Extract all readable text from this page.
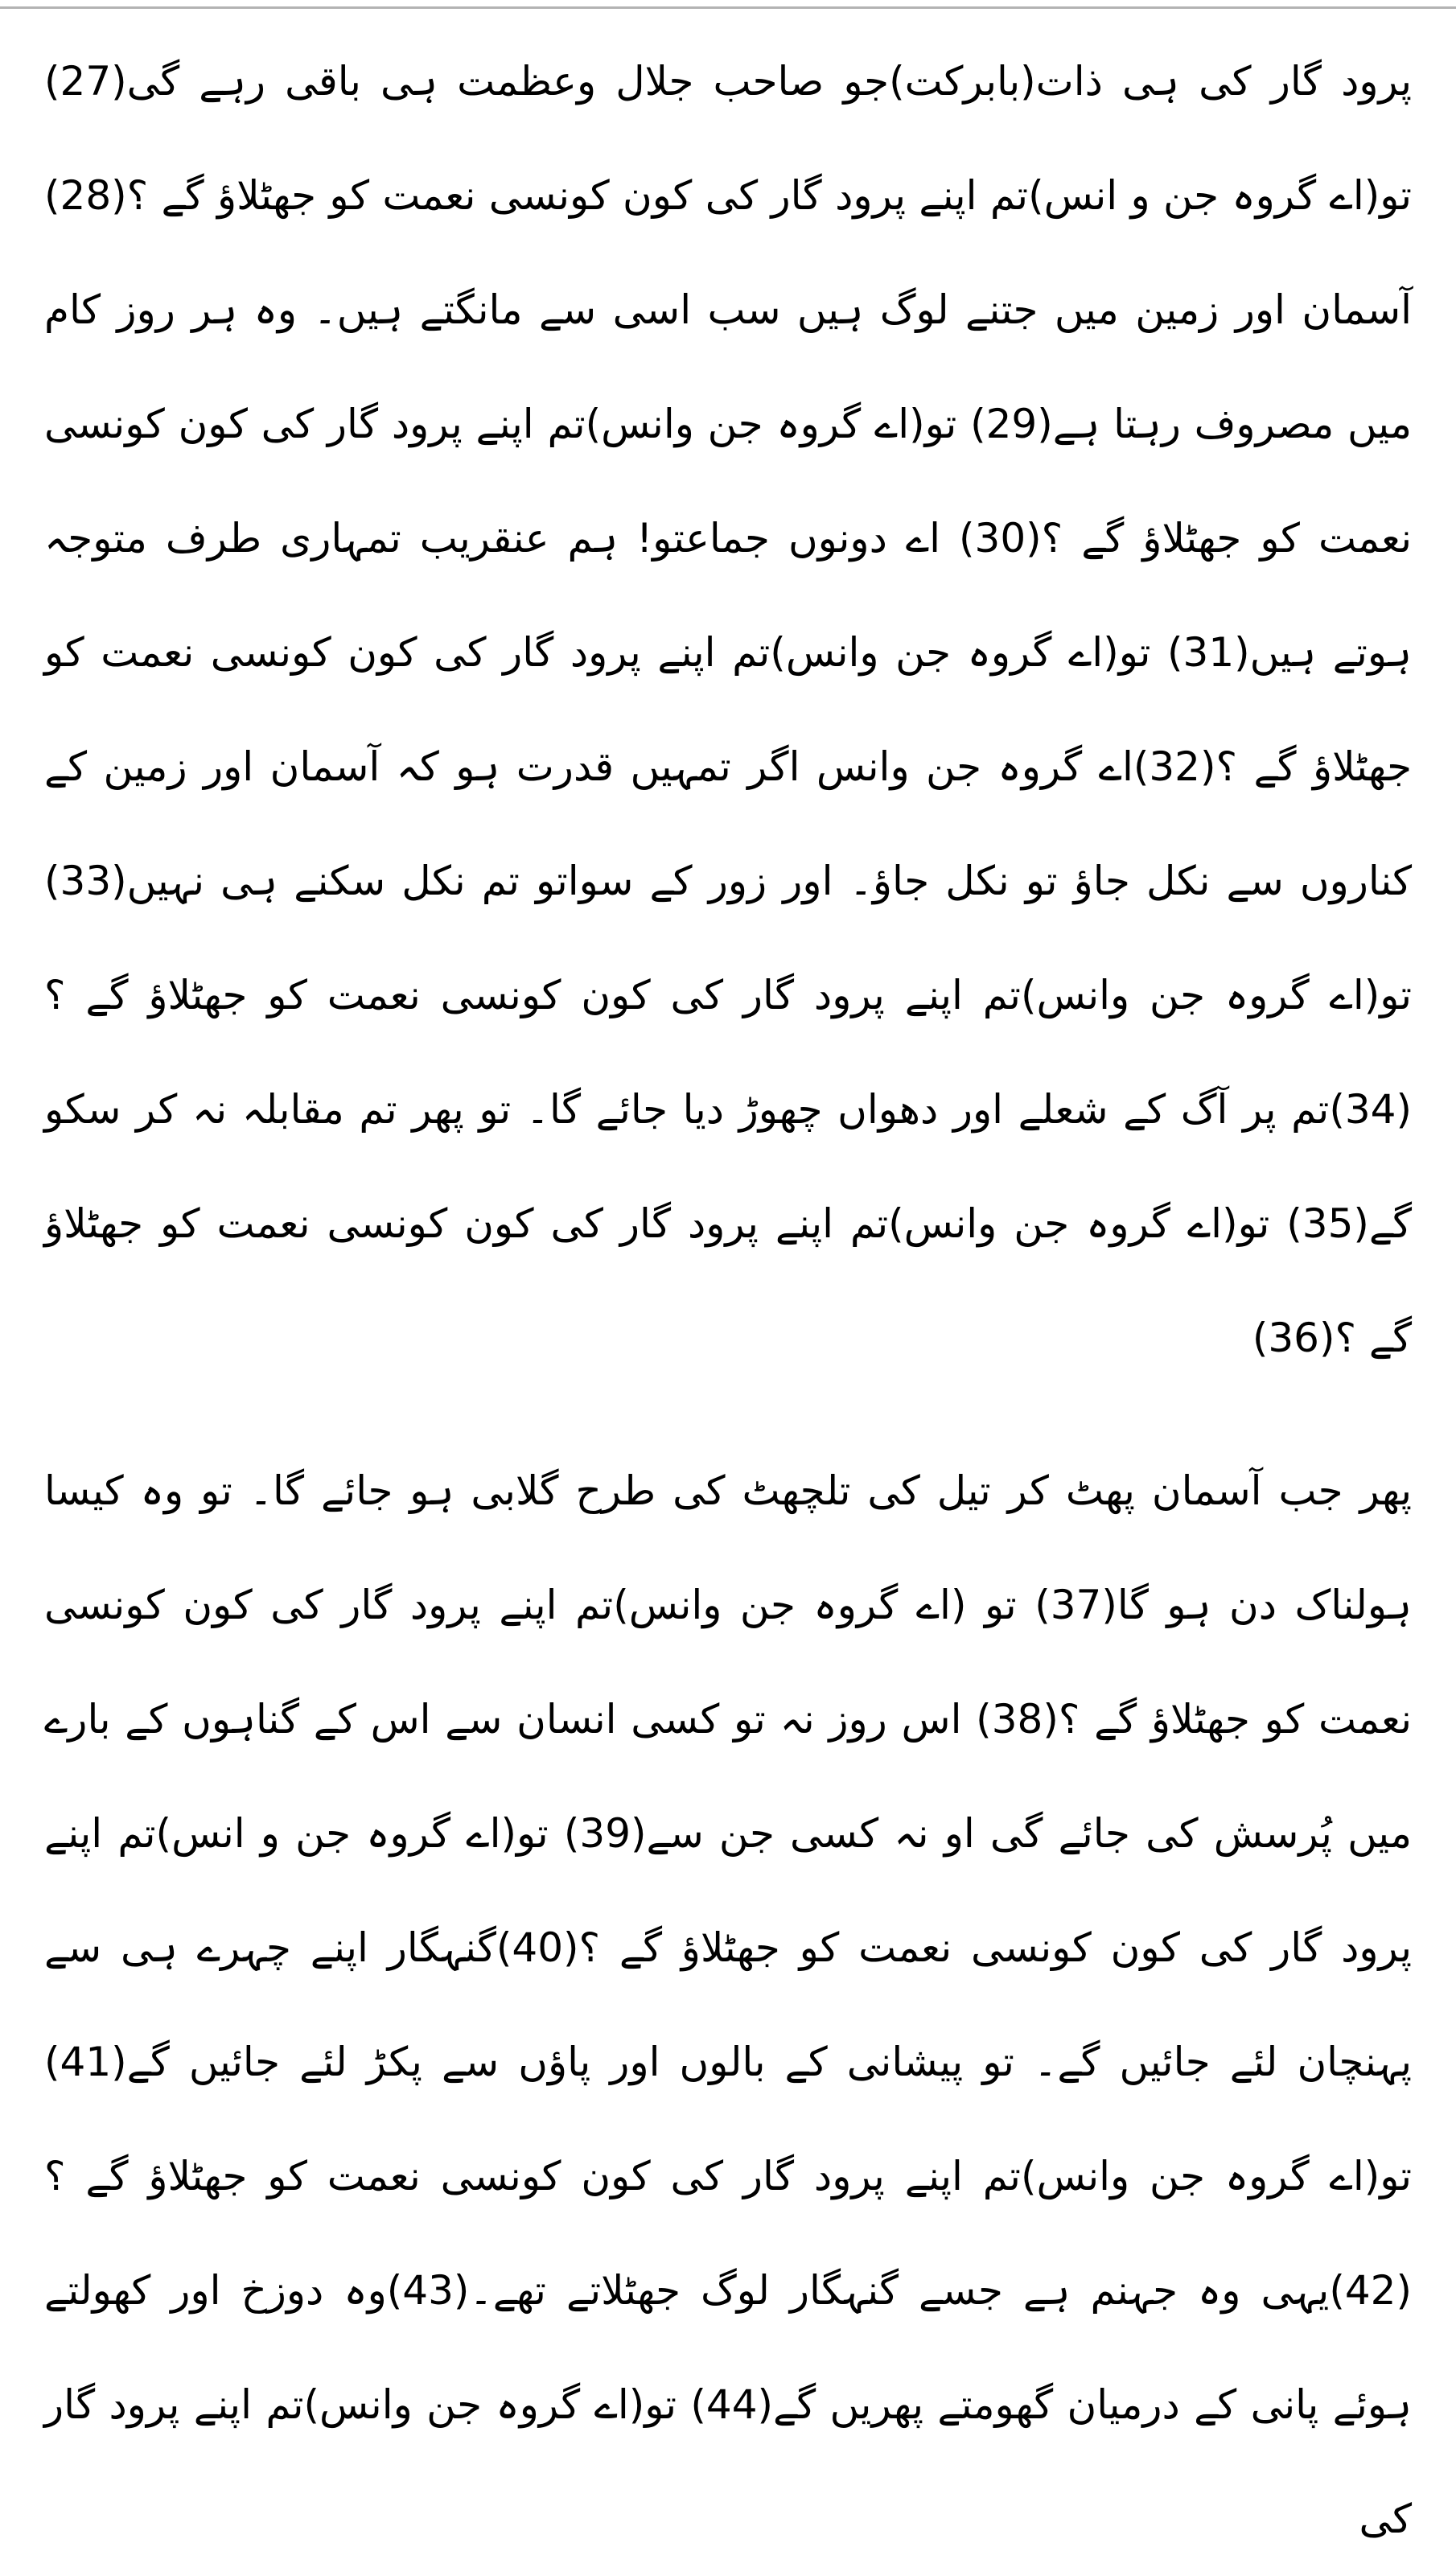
پرود گار کی ہی ذات(بابرکت)جو صاحب جلال وعظمت ہی باقی رہے گی(27) تو(اے گروہ جن و انس)تم اپنے پرود گار کی کون کونسی نعمت کو جھٹلاؤ گے ؟(28) آسمان اور زمین میں جتنے لوگ ہیں سب اسی سے مانگتے ہیں۔ وہ ہر روز کام میں مصروف رہتا ہے(29) تو(اے گروہ جن وانس)تم اپنے پرود گار کی کون کونسی نعمت کو جھٹلاؤ گے ؟(30) اے دونوں جماعتو! ہم عنقریب تمہاری طرف متوجہ ہوتے ہیں(31) تو(اے گروہ جن وانس)تم اپنے پرود گار کی کون کونسی نعمت کو جھٹلاؤ گے ؟(32)اے گروہ جن وانس اگر تمہیں قدرت ہو کہ آسمان اور زمین کے کناروں سے نکل جاؤ تو نکل جاؤ۔ اور زور کے سواتو تم نکل سکنے ہی نہیں(33) تو(اے گروہ جن وانس)تم اپنے پرود گار کی کون کونسی نعمت کو جھٹلاؤ گے ؟(34)تم پر آگ کے شعلے اور دھواں چھوڑ دیا جائے گا۔ تو پھر تم مقابلہ نہ کر سکو گے(35) تو(اے گروہ جن وانس)تم اپنے پرود گار کی کون کونسی نعمت کو جھٹلاؤ گے ؟(36)

پھر جب آسمان پھٹ کر تیل کی تلچھٹ کی طرح گلابی ہو جائے گا۔ تو وہ کیسا ہولناک دن ہو گا(37) تو (اے گروہ جن وانس)تم اپنے پرود گار کی کون کونسی نعمت کو جھٹلاؤ گے ؟(38) اس روز نہ تو کسی انسان سے اس کے گناہوں کے بارے میں پُرسش کی جائے گی او نہ کسی جن سے(39) تو(اے گروہ جن و انس)تم اپنے پرود گار کی کون کونسی نعمت کو جھٹلاؤ گے ؟(40)گنہگار اپنے چہرے ہی سے پہنچان لئے جائیں گے۔ تو پیشانی کے بالوں اور پاؤں سے پکڑ لئے جائیں گے(41) تو(اے گروہ جن وانس)تم اپنے پرود گار کی کون کونسی نعمت کو جھٹلاؤ گے ؟(42)یہی وہ جہنم ہے جسے گنہگار لوگ جھٹلاتے تھے۔(43)وہ دوزخ اور کھولتے ہوئے پانی کے درمیان گھومتے پھریں گے(44) تو(اے گروہ جن وانس)تم اپنے پرود گار کی
